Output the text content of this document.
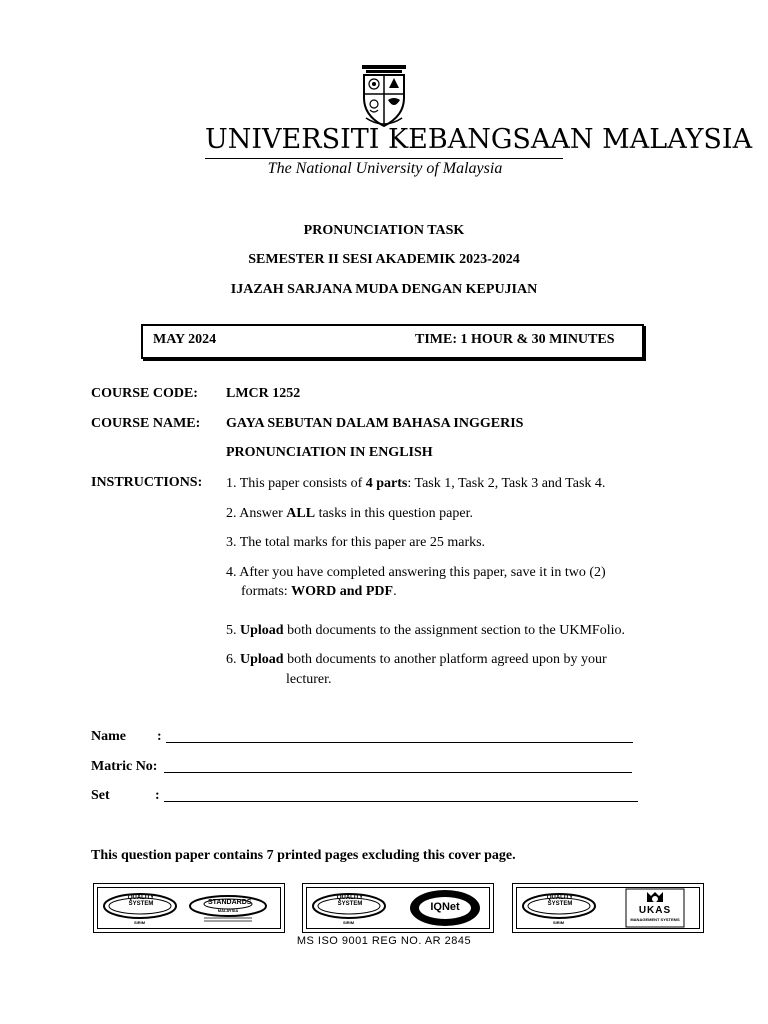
UNIVERSITI KEBANGSAAN MALAYSIA
The National University of Malaysia
PRONUNCIATION TASK
SEMESTER II SESI AKADEMIK 2023-2024
IJAZAH SARJANA MUDA DENGAN KEPUJIAN
MAY 2024	TIME: 1 HOUR & 30 MINUTES
COURSE CODE: LMCR 1252
COURSE NAME: GAYA SEBUTAN DALAM BAHASA INGGERIS
PRONUNCIATION IN ENGLISH
INSTRUCTIONS: 1. This paper consists of 4 parts: Task 1, Task 2, Task 3 and Task 4.
2. Answer ALL tasks in this question paper.
3. The total marks for this paper are 25 marks.
4. After you have completed answering this paper, save it in two (2)
formats: WORD and PDF.
5. Upload both documents to the assignment section to the UKMFolio.
6. Upload both documents to another platform agreed upon by your
lecturer.
Name :
Matric No:
Set	:
This question paper contains 7 printed pages excluding this cover page.
QUALITY SYSTEM
SIRIM
STANDARDS
MALAYSIA
QUALITY SYSTEM
SIRIM
IQNet
QUALITY SYSTEM
SIRIM
UKAS
MANAGEMENT SYSTEMS
MS ISO 9001 REG NO. AR 2845
